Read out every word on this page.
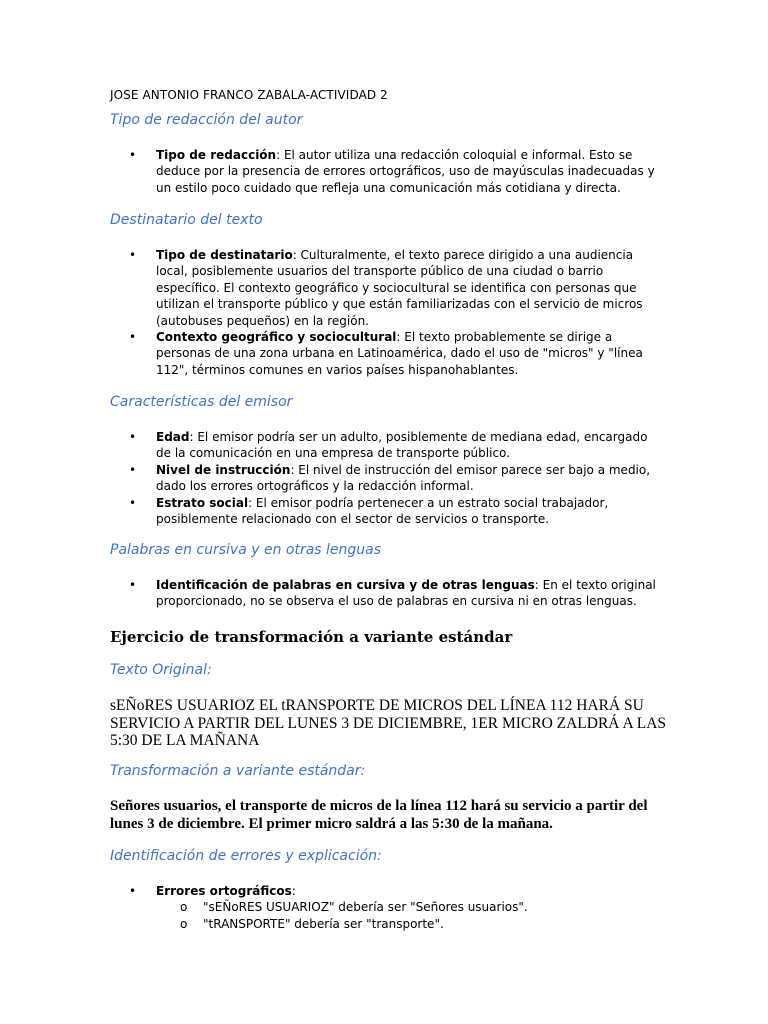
JOSE ANTONIO FRANCO ZABALA-ACTIVIDAD 2
Tipo de redacción del autor
• Tipo de redacción: El autor utiliza una redacción coloquial e informal. Esto se deduce por la presencia de errores ortográficos, uso de mayúsculas inadecuadas y un estilo poco cuidado que refleja una comunicación más cotidiana y directa.
Destinatario del texto
• Tipo de destinatario: Culturalmente, el texto parece dirigido a una audiencia local, posiblemente usuarios del transporte público de una ciudad o barrio específico. El contexto geográfico y sociocultural se identifica con personas que utilizan el transporte público y que están familiarizadas con el servicio de micros (autobuses pequeños) en la región.
• Contexto geográfico y sociocultural: El texto probablemente se dirige a personas de una zona urbana en Latinoamérica, dado el uso de "micros" y "línea 112", términos comunes en varios países hispanohablantes.
Características del emisor
• Edad: El emisor podría ser un adulto, posiblemente de mediana edad, encargado de la comunicación en una empresa de transporte público.
• Nivel de instrucción: El nivel de instrucción del emisor parece ser bajo a medio, dado los errores ortográficos y la redacción informal.
• Estrato social: El emisor podría pertenecer a un estrato social trabajador, posiblemente relacionado con el sector de servicios o transporte.
Palabras en cursiva y en otras lenguas
• Identificación de palabras en cursiva y de otras lenguas: En el texto original proporcionado, no se observa el uso de palabras en cursiva ni en otras lenguas.
Ejercicio de transformación a variante estándar
Texto Original:
sEÑoRES USUARIOZ EL tRANSPORTE DE MICROS DEL LÍNEA 112 HARÁ SU SERVICIO A PARTIR DEL LUNES 3 DE DICIEMBRE, 1ER MICRO ZALDRÁ A LAS 5:30 DE LA MAÑANA
Transformación a variante estándar:
Señores usuarios, el transporte de micros de la línea 112 hará su servicio a partir del lunes 3 de diciembre. El primer micro saldrá a las 5:30 de la mañana.
Identificación de errores y explicación:
• Errores ortográficos:
o "sEÑoRES USUARIOZ" debería ser "Señores usuarios".
o "tRANSPORTE" debería ser "transporte".
